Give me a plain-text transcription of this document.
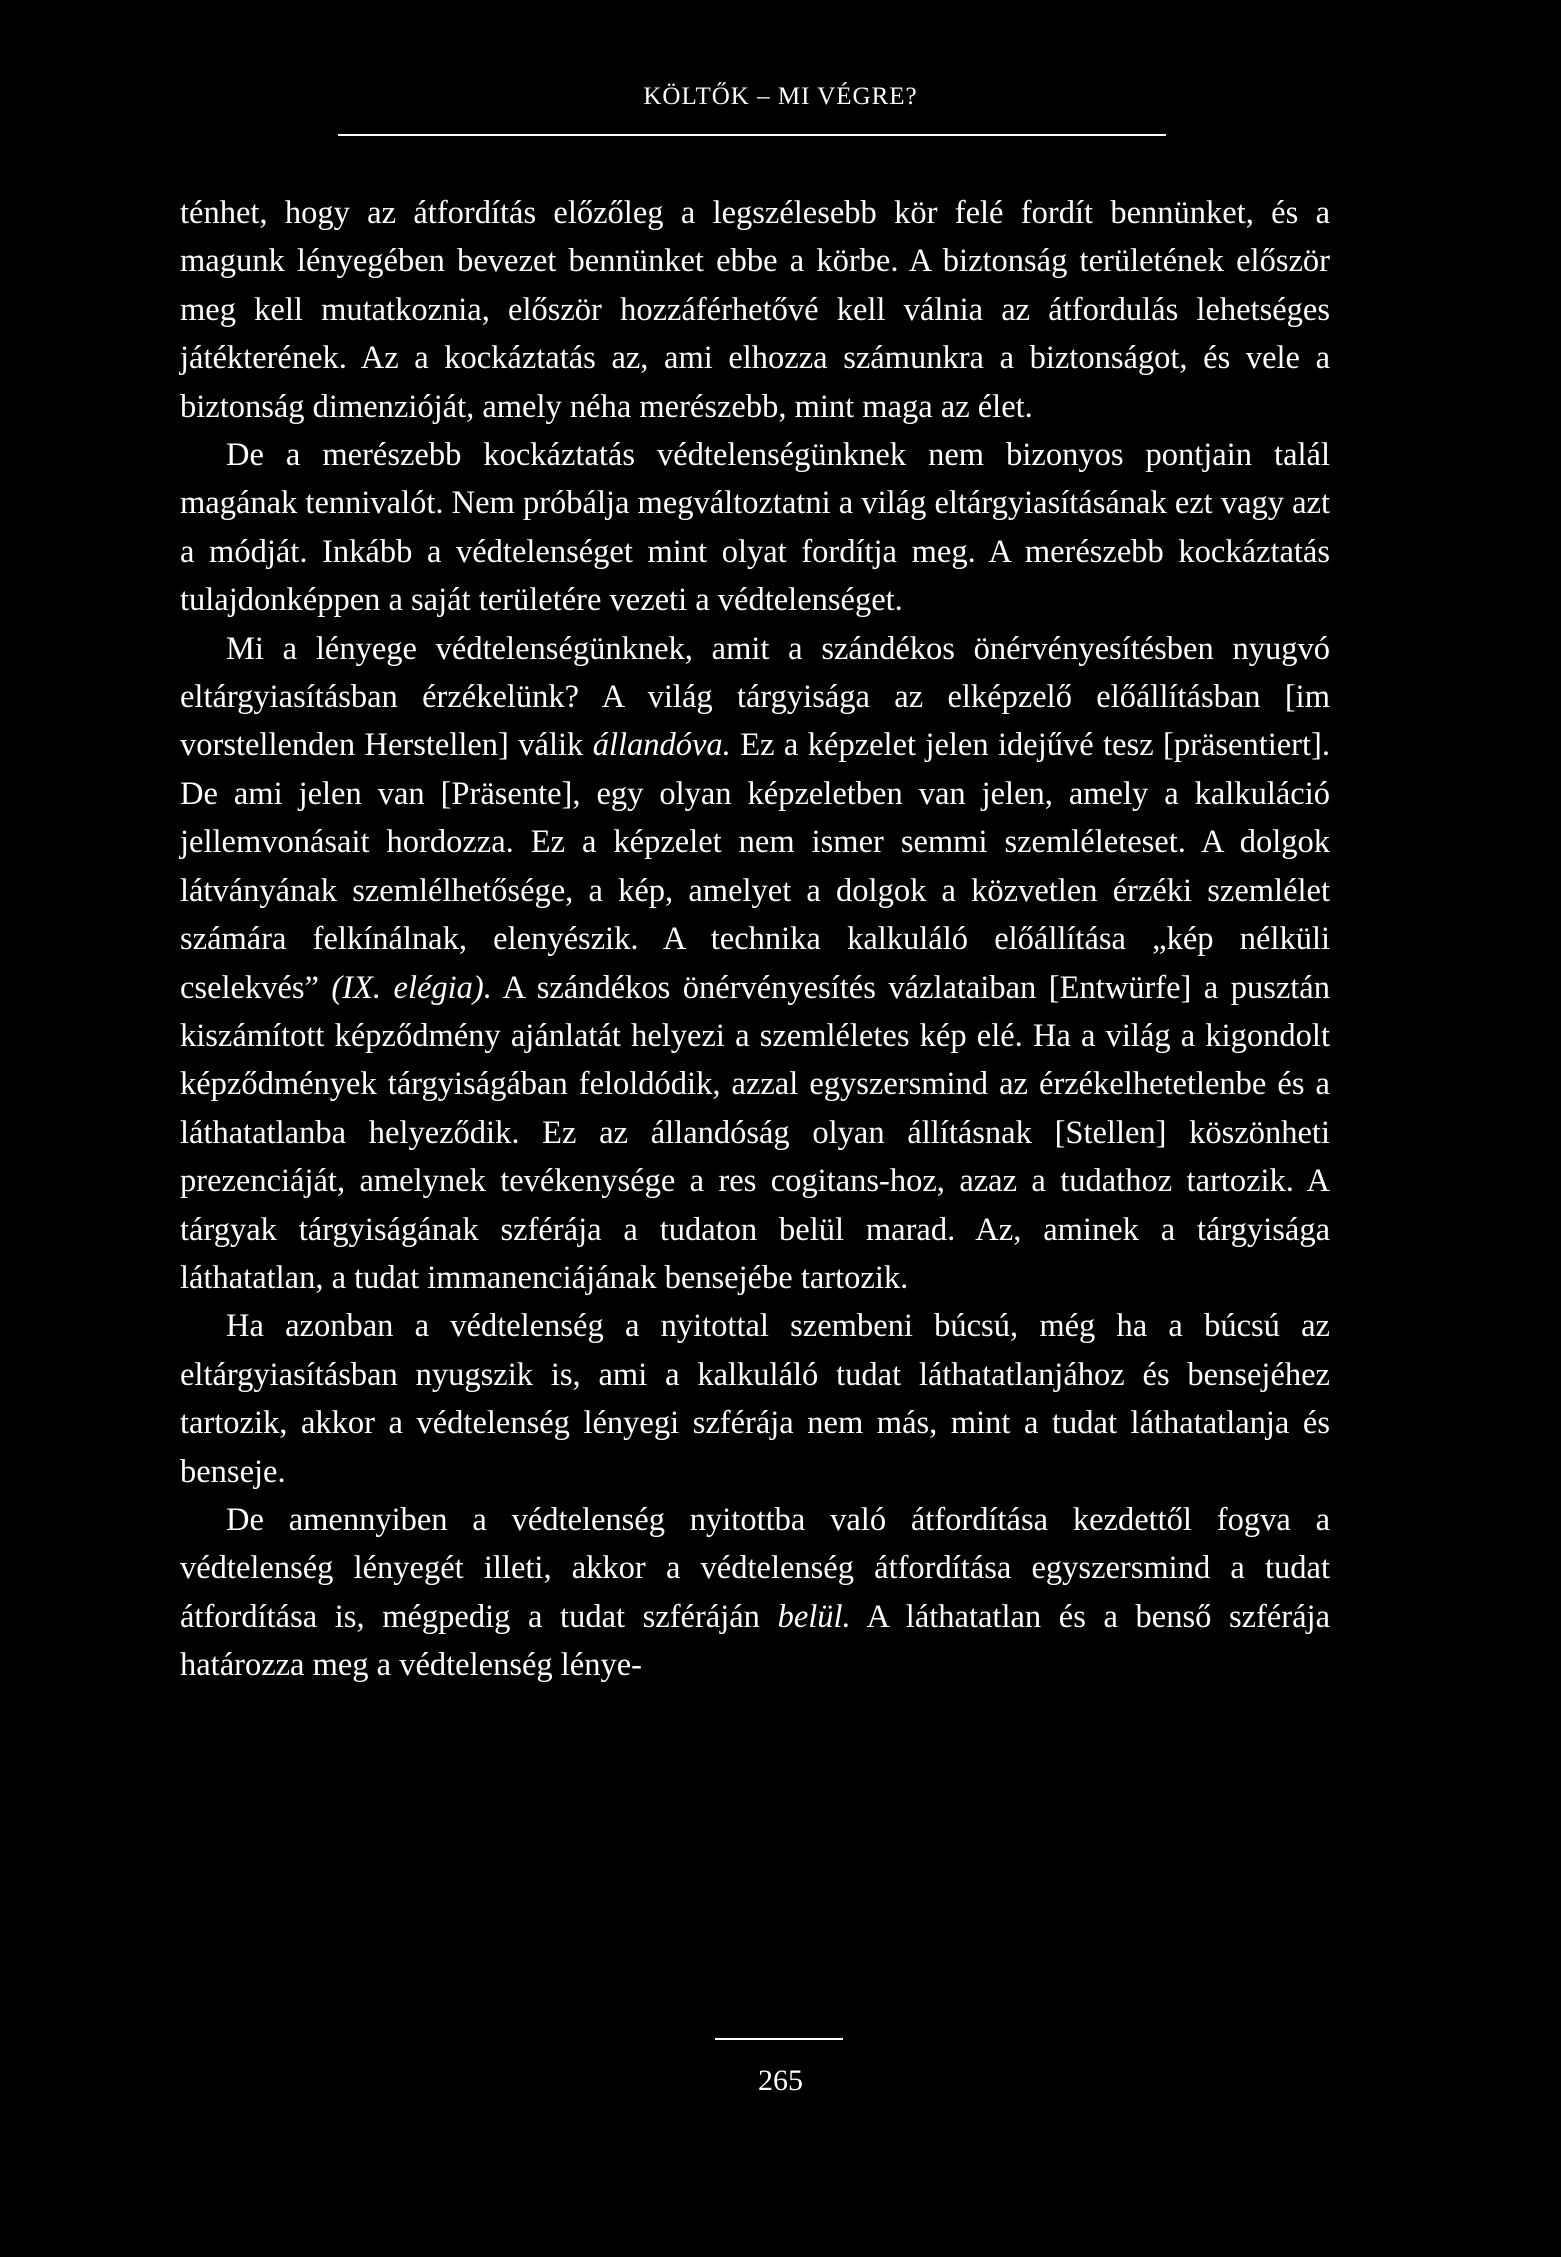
KÖLTŐK – MI VÉGRE?

ténhet, hogy az átfordítás előzőleg a legszélesebb kör felé fordít bennünket, és a magunk lényegében bevezet bennünket ebbe a körbe. A biztonság területének először meg kell mutatkoznia, először hozzáférhetővé kell válnia az átfordulás lehetséges játékterének. Az a kockáztatás az, ami elhozza számunkra a biztonságot, és vele a biztonság dimenzióját, amely néha merészebb, mint maga az élet.

De a merészebb kockáztatás védtelenségünknek nem bizonyos pontjain talál magának tennivalót. Nem próbálja megváltoztatni a világ eltárgyiasításának ezt vagy azt a módját. Inkább a védtelenséget mint olyat fordítja meg. A merészebb kockáztatás tulajdonképpen a saját területére vezeti a védtelenséget.

Mi a lényege védtelenségünknek, amit a szándékos önérvényesítésben nyugvó eltárgyiasításban érzékelünk? A világ tárgyisága az elképzelő előállításban [im vorstellenden Herstellen] válik állandóva. Ez a képzelet jelen idejűvé tesz [präsentiert]. De ami jelen van [Präsente], egy olyan képzeletben van jelen, amely a kalkuláció jellemvonásait hordozza. Ez a képzelet nem ismer semmi szemléleteset. A dolgok látványának szemlélhetősége, a kép, amelyet a dolgok a közvetlen érzéki szemlélet számára felkínálnak, elenyészik. A technika kalkuláló előállítása „kép nélküli cselekvés” (IX. elégia). A szándékos önérvényesítés vázlataiban [Entwürfe] a pusztán kiszámított képződmény ajánlatát helyezi a szemléletes kép elé. Ha a világ a kigondolt képződmények tárgyiságában feloldódik, azzal egyszersmind az érzékelhetetlenbe és a láthatatlanba helyeződik. Ez az állandóság olyan állításnak [Stellen] köszönheti prezenciáját, amelynek tevékenysége a res cogitans-hoz, azaz a tudathoz tartozik. A tárgyak tárgyiságának szférája a tudaton belül marad. Az, aminek a tárgyisága láthatatlan, a tudat immanenciájának bensejébe tartozik.

Ha azonban a védtelenség a nyitottal szembeni búcsú, még ha a búcsú az eltárgyiasításban nyugszik is, ami a kalkuláló tudat láthatatlanjához és bensejéhez tartozik, akkor a védtelenség lényegi szférája nem más, mint a tudat láthatatlanja és benseje.

De amennyiben a védtelenség nyitottba való átfordítása kezdettől fogva a védtelenség lényegét illeti, akkor a védtelenség átfordítása egyszersmind a tudat átfordítása is, mégpedig a tudat szféráján belül. A láthatatlan és a benső szférája határozza meg a védtelenség lénye-

265
